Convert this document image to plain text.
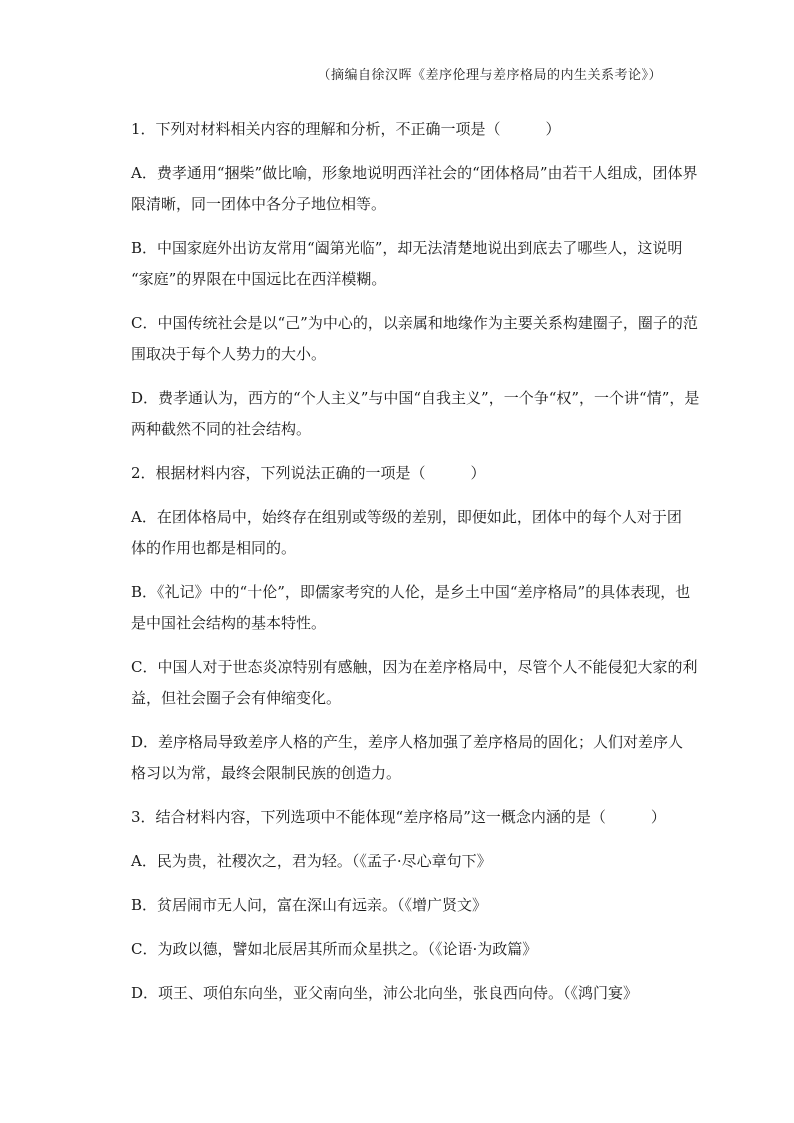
（摘编自徐汉晖《差序伦理与差序格局的内生关系考论》）

1．下列对材料相关内容的理解和分析，不正确一项是（　　　）

A．费孝通用“捆柴”做比喻，形象地说明西洋社会的“团体格局”由若干人组成，团体界
限清晰，同一团体中各分子地位相等。

B．中国家庭外出访友常用“阖第光临”，却无法清楚地说出到底去了哪些人，这说明
“家庭”的界限在中国远比在西洋模糊。

C．中国传统社会是以“己”为中心的，以亲属和地缘作为主要关系构建圈子，圈子的范
围取决于每个人势力的大小。

D．费孝通认为，西方的“个人主义”与中国“自我主义”，一个争“权”，一个讲“情”，是
两种截然不同的社会结构。

2．根据材料内容，下列说法正确的一项是（　　　）

A．在团体格局中，始终存在组别或等级的差别，即便如此，团体中的每个人对于团
体的作用也都是相同的。

B．《礼记》中的“十伦”，即儒家考究的人伦，是乡土中国“差序格局”的具体表现，也
是中国社会结构的基本特性。

C．中国人对于世态炎凉特别有感触，因为在差序格局中，尽管个人不能侵犯大家的利
益，但社会圈子会有伸缩变化。

D．差序格局导致差序人格的产生，差序人格加强了差序格局的固化；人们对差序人
格习以为常，最终会限制民族的创造力。

3．结合材料内容，下列选项中不能体现“差序格局”这一概念内涵的是（　　　）

A．民为贵，社稷次之，君为轻。（《孟子·尽心章句下》

B．贫居闹市无人问，富在深山有远亲。（《增广贤文》

C．为政以德，譬如北辰居其所而众星拱之。（《论语·为政篇》

D．项王、项伯东向坐，亚父南向坐，沛公北向坐，张良西向侍。（《鸿门宴》
